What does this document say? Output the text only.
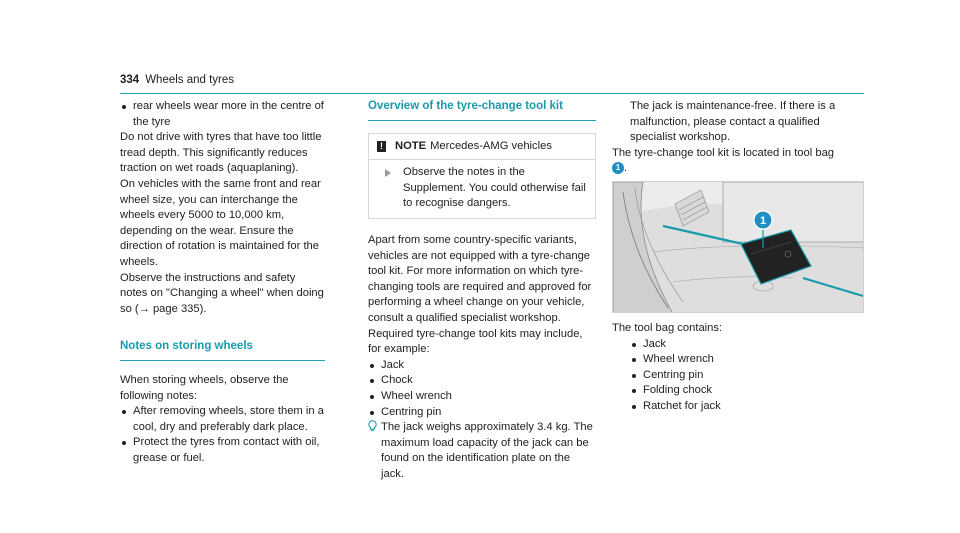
334 Wheels and tyres
rear wheels wear more in the centre of the tyre

Do not drive with tyres that have too little tread depth. This significantly reduces traction on wet roads (aquaplaning).

On vehicles with the same front and rear wheel size, you can interchange the wheels every 5000 to 10,000 km, depending on the wear. Ensure the direction of rotation is maintained for the wheels.

Observe the instructions and safety notes on "Changing a wheel" when doing so (→ page 335).

Notes on storing wheels

When storing wheels, observe the following notes:

After removing wheels, store them in a cool, dry and preferably dark place.
Protect the tyres from contact with oil, grease or fuel.
Overview of the tyre-change tool kit
! NOTE Mercedes-AMG vehicles
Observe the notes in the Supplement. You could otherwise fail to recognise dangers.

Apart from some country-specific variants, vehicles are not equipped with a tyre-change tool kit. For more information on which tyre-changing tools are required and approved for performing a wheel change on your vehicle, consult a qualified specialist workshop.

Required tyre-change tool kits may include, for example:

Jack
Chock
Wheel wrench
Centring pin
The jack weighs approximately 3.4 kg. The maximum load capacity of the jack can be found on the identification plate on the jack.

The jack is maintenance-free. If there is a malfunction, please contact a qualified specialist workshop.

The tyre-change tool kit is located in tool bag
1 .

1

The tool bag contains:

Jack
Wheel wrench
Centring pin
Folding chock
Ratchet for jack
